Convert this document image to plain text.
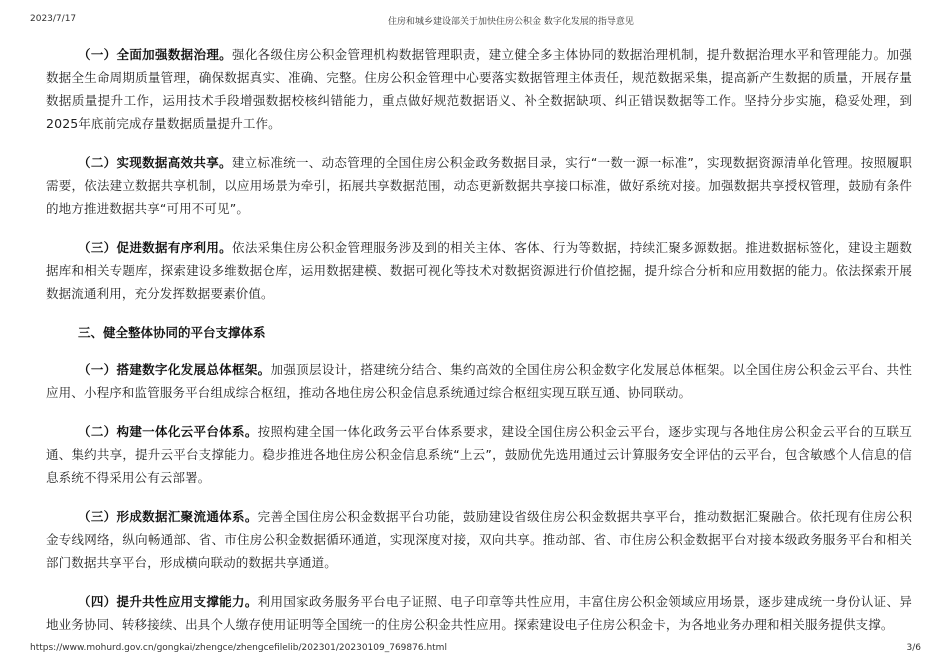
2023/7/17	住房和城乡建设部关于加快住房公积金 数字化发展的指导意见

（一）全面加强数据治理。强化各级住房公积金管理机构数据管理职责，建立健全多主体协同的数据治理机制，提升数据治理水平和管理能力。加强数据全生命周期质量管理，确保数据真实、准确、完整。住房公积金管理中心要落实数据管理主体责任，规范数据采集，提高新产生数据的质量，开展存量数据质量提升工作，运用技术手段增强数据校核纠错能力，重点做好规范数据语义、补全数据缺项、纠正错误数据等工作。坚持分步实施，稳妥处理，到2025年底前完成存量数据质量提升工作。

（二）实现数据高效共享。建立标准统一、动态管理的全国住房公积金政务数据目录，实行“一数一源一标准”，实现数据资源清单化管理。按照履职需要，依法建立数据共享机制，以应用场景为牵引，拓展共享数据范围，动态更新数据共享接口标准，做好系统对接。加强数据共享授权管理，鼓励有条件的地方推进数据共享“可用不可见”。

（三）促进数据有序利用。依法采集住房公积金管理服务涉及到的相关主体、客体、行为等数据，持续汇聚多源数据。推进数据标签化，建设主题数据库和相关专题库，探索建设多维数据仓库，运用数据建模、数据可视化等技术对数据资源进行价值挖掘，提升综合分析和应用数据的能力。依法探索开展数据流通利用，充分发挥数据要素价值。

三、健全整体协同的平台支撑体系

（一）搭建数字化发展总体框架。加强顶层设计，搭建统分结合、集约高效的全国住房公积金数字化发展总体框架。以全国住房公积金云平台、共性应用、小程序和监管服务平台组成综合枢纽，推动各地住房公积金信息系统通过综合枢纽实现互联互通、协同联动。

（二）构建一体化云平台体系。按照构建全国一体化政务云平台体系要求，建设全国住房公积金云平台，逐步实现与各地住房公积金云平台的互联互通、集约共享，提升云平台支撑能力。稳步推进各地住房公积金信息系统“上云”，鼓励优先选用通过云计算服务安全评估的云平台，包含敏感个人信息的信息系统不得采用公有云部署。

（三）形成数据汇聚流通体系。完善全国住房公积金数据平台功能，鼓励建设省级住房公积金数据共享平台，推动数据汇聚融合。依托现有住房公积金专线网络，纵向畅通部、省、市住房公积金数据循环通道，实现深度对接，双向共享。推动部、省、市住房公积金数据平台对接本级政务服务平台和相关部门数据共享平台，形成横向联动的数据共享通道。

（四）提升共性应用支撑能力。利用国家政务服务平台电子证照、电子印章等共性应用，丰富住房公积金领域应用场景，逐步建成统一身份认证、异地业务协同、转移接续、出具个人缴存使用证明等全国统一的住房公积金共性应用。探索建设电子住房公积金卡，为各地业务办理和相关服务提供支撑。

https://www.mohurd.gov.cn/gongkai/zhengce/zhengcefilelib/202301/20230109_769876.html	3/6
